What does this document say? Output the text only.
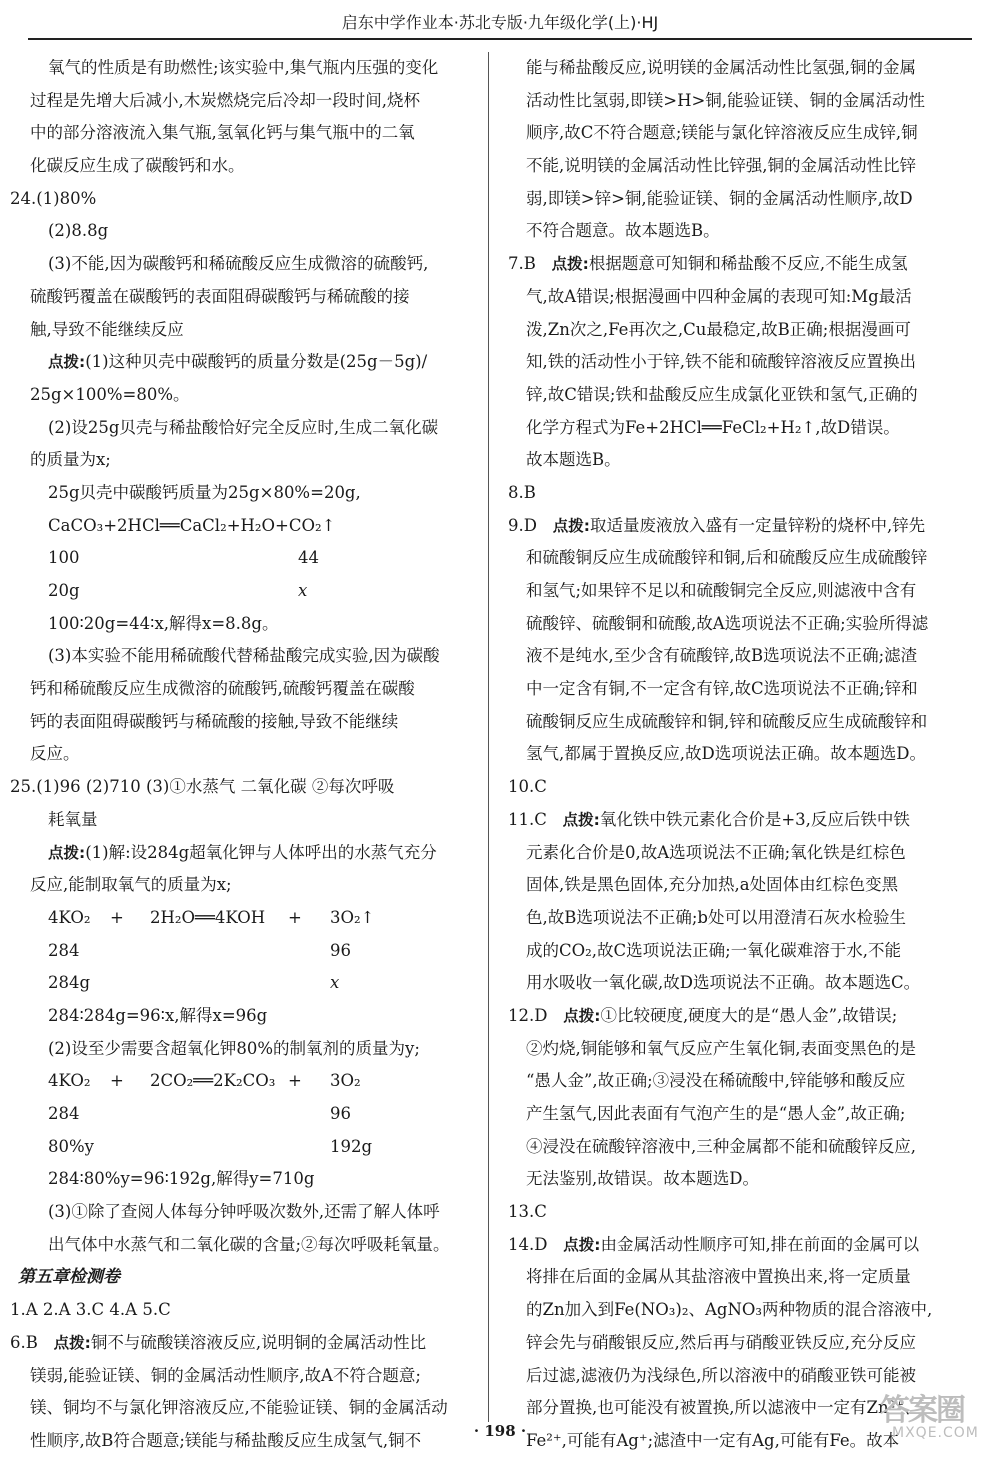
启东中学作业本·苏北专版·九年级化学(上)·HJ
氧气的性质是有助燃性;该实验中,集气瓶内压强的变化
过程是先增大后减小,木炭燃烧完后冷却一段时间,烧杯
中的部分溶液流入集气瓶,氢氧化钙与集气瓶中的二氧
化碳反应生成了碳酸钙和水。
24.(1)80%
(2)8.8g
(3)不能,因为碳酸钙和稀硫酸反应生成微溶的硫酸钙,
硫酸钙覆盖在碳酸钙的表面阻碍碳酸钙与稀硫酸的接
触,导致不能继续反应
点拨:(1)这种贝壳中碳酸钙的质量分数是(25g－5g)/
25g×100%=80%。
(2)设25g贝壳与稀盐酸恰好完全反应时,生成二氧化碳
的质量为x;
25g贝壳中碳酸钙质量为25g×80%=20g,
CaCO₃+2HCl══CaCl₂+H₂O+CO₂↑
100	44
20g	x
100∶20g=44∶x,解得x=8.8g。
(3)本实验不能用稀硫酸代替稀盐酸完成实验,因为碳酸
钙和稀硫酸反应生成微溶的硫酸钙,硫酸钙覆盖在碳酸
钙的表面阻碍碳酸钙与稀硫酸的接触,导致不能继续
反应。
25.(1)96 (2)710 (3)①水蒸气 二氧化碳 ②每次呼吸
耗氧量
点拨:(1)解:设284g超氧化钾与人体呼出的水蒸气充分
反应,能制取氧气的质量为x;
4KO₂ + 2H₂O══4KOH + 3O₂↑
284	96
284g	x
284∶284g=96∶x,解得x=96g
(2)设至少需要含超氧化钾80%的制氧剂的质量为y;
4KO₂ + 2CO₂══2K₂CO₃ + 3O₂
284	96
80%y	192g
284∶80%y=96∶192g,解得y=710g
(3)①除了查阅人体每分钟呼吸次数外,还需了解人体呼
出气体中水蒸气和二氧化碳的含量;②每次呼吸耗氧量。
第五章检测卷
1.A 2.A 3.C 4.A 5.C
6.B 点拨:铜不与硫酸镁溶液反应,说明铜的金属活动性比
镁弱,能验证镁、铜的金属活动性顺序,故A不符合题意;
镁、铜均不与氯化钾溶液反应,不能验证镁、铜的金属活动
性顺序,故B符合题意;镁能与稀盐酸反应生成氢气,铜不
能与稀盐酸反应,说明镁的金属活动性比氢强,铜的金属
活动性比氢弱,即镁>H>铜,能验证镁、铜的金属活动性
顺序,故C不符合题意;镁能与氯化锌溶液反应生成锌,铜
不能,说明镁的金属活动性比锌强,铜的金属活动性比锌
弱,即镁>锌>铜,能验证镁、铜的金属活动性顺序,故D
不符合题意。故本题选B。
7.B 点拨:根据题意可知铜和稀盐酸不反应,不能生成氢
气,故A错误;根据漫画中四种金属的表现可知:Mg最活
泼,Zn次之,Fe再次之,Cu最稳定,故B正确;根据漫画可
知,铁的活动性小于锌,铁不能和硫酸锌溶液反应置换出
锌,故C错误;铁和盐酸反应生成氯化亚铁和氢气,正确的
化学方程式为Fe+2HCl══FeCl₂+H₂↑,故D错误。
故本题选B。
8.B
9.D 点拨:取适量废液放入盛有一定量锌粉的烧杯中,锌先
和硫酸铜反应生成硫酸锌和铜,后和硫酸反应生成硫酸锌
和氢气;如果锌不足以和硫酸铜完全反应,则滤液中含有
硫酸锌、硫酸铜和硫酸,故A选项说法不正确;实验所得滤
液不是纯水,至少含有硫酸锌,故B选项说法不正确;滤渣
中一定含有铜,不一定含有锌,故C选项说法不正确;锌和
硫酸铜反应生成硫酸锌和铜,锌和硫酸反应生成硫酸锌和
氢气,都属于置换反应,故D选项说法正确。故本题选D。
10.C
11.C 点拨:氧化铁中铁元素化合价是+3,反应后铁中铁
元素化合价是0,故A选项说法不正确;氧化铁是红棕色
固体,铁是黑色固体,充分加热,a处固体由红棕色变黑
色,故B选项说法不正确;b处可以用澄清石灰水检验生
成的CO₂,故C选项说法正确;一氧化碳难溶于水,不能
用水吸收一氧化碳,故D选项说法不正确。故本题选C。
12.D 点拨:①比较硬度,硬度大的是“愚人金”,故错误;
②灼烧,铜能够和氧气反应产生氧化铜,表面变黑色的是
“愚人金”,故正确;③浸没在稀硫酸中,锌能够和酸反应
产生氢气,因此表面有气泡产生的是“愚人金”,故正确;
④浸没在硫酸锌溶液中,三种金属都不能和硫酸锌反应,
无法鉴别,故错误。故本题选D。
13.C
14.D 点拨:由金属活动性顺序可知,排在前面的金属可以
将排在后面的金属从其盐溶液中置换出来,将一定质量
的Zn加入到Fe(NO₃)₂、AgNO₃两种物质的混合溶液中,
锌会先与硝酸银反应,然后再与硝酸亚铁反应,充分反应
后过滤,滤液仍为浅绿色,所以溶液中的硝酸亚铁可能被
部分置换,也可能没有被置换,所以滤液中一定有Zn²⁺、
Fe²⁺,可能有Ag⁺;滤渣中一定有Ag,可能有Fe。故本
答案圈
MXQE.COM
· 198 ·
